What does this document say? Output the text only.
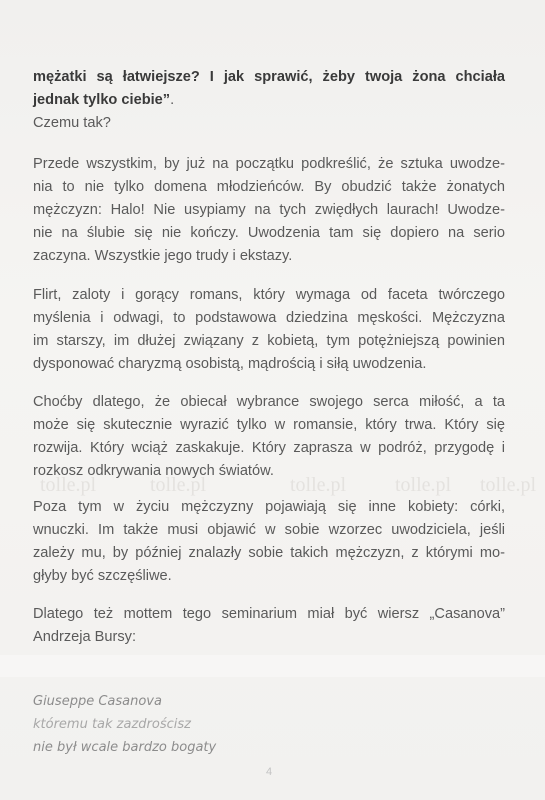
mężatki są łatwiejsze? I jak sprawić, żeby twoja żona chciała
jednak tylko ciebie”.
Czemu tak?

Przede wszystkim, by już na początku podkreślić, że sztuka uwodze-
nia to nie tylko domena młodzieńców. By obudzić także żonatych
mężczyzn: Halo! Nie usypiamy na tych zwiędłych laurach! Uwodze-
nie na ślubie się nie kończy. Uwodzenia tam się dopiero na serio
zaczyna. Wszystkie jego trudy i ekstazy.

Flirt, zaloty i gorący romans, który wymaga od faceta twórczego
myślenia i odwagi, to podstawowa dziedzina męskości. Mężczyzna
im starszy, im dłużej związany z kobietą, tym potężniejszą powinien
dysponować charyzmą osobistą, mądrością i siłą uwodzenia.

Choćby dlatego, że obiecał wybrance swojego serca miłość, a ta
może się skutecznie wyrazić tylko w romansie, który trwa. Który się
rozwija. Który wciąż zaskakuje. Który zaprasza w podróż, przygodę i
rozkosz odkrywania nowych światów.

tolle.pl	tolle.pl	tolle.pl tolle.pl tolle.pl

Poza tym w życiu mężczyzny pojawiają się inne kobiety: córki,
wnuczki. Im także musi objawić w sobie wzorzec uwodziciela, jeśli
zależy mu, by później znalazły sobie takich mężczyzn, z którymi mo-
głyby być szczęśliwe.

Dlatego też mottem tego seminarium miał być wiersz „Casanova”
Andrzeja Bursy:

Giuseppe Casanova
któremu tak zazdrościsz
nie był wcale bardzo bogaty
4
